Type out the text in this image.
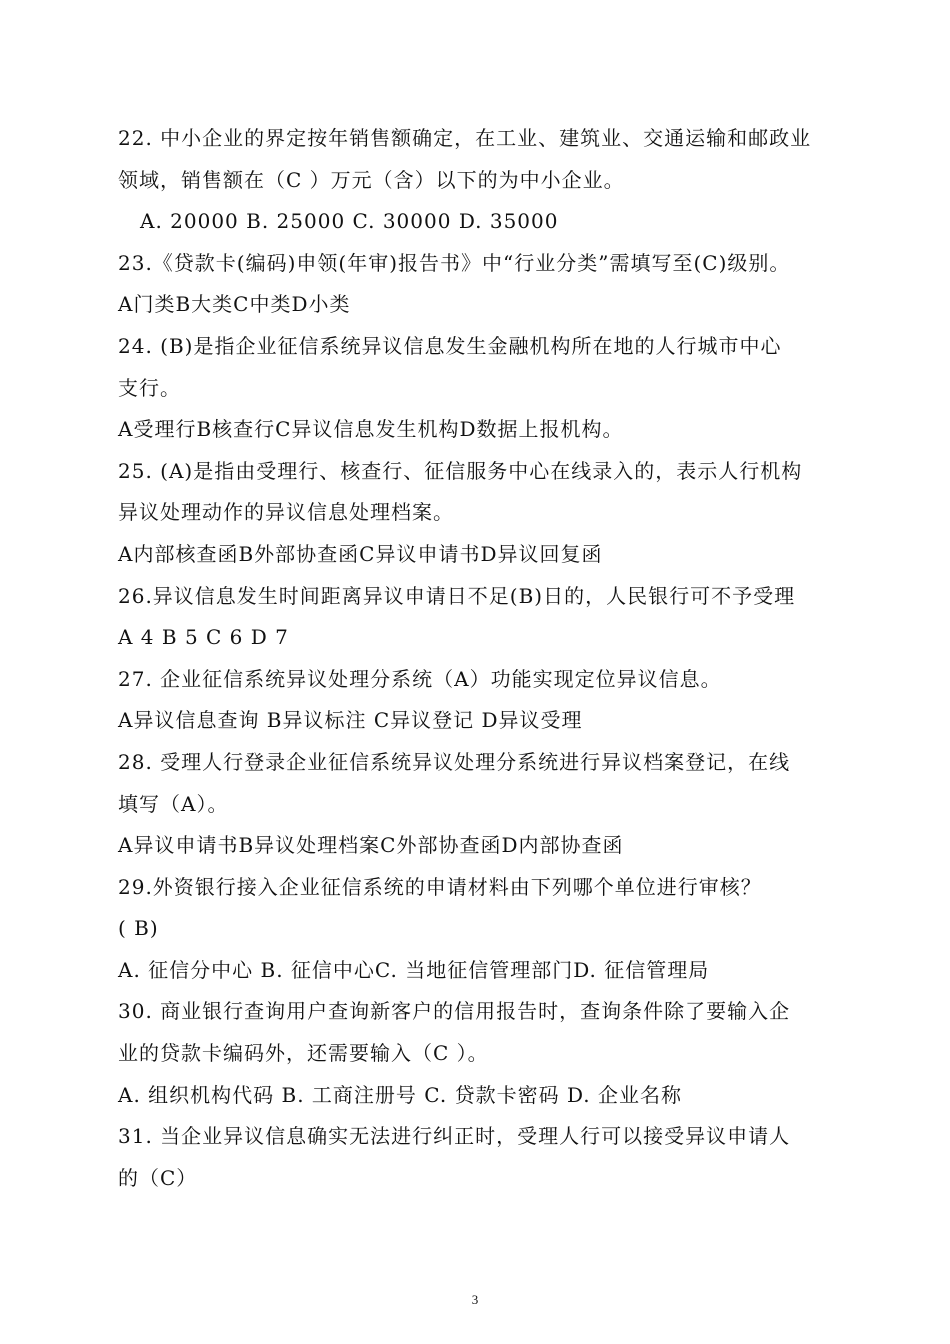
22. 中小企业的界定按年销售额确定，在工业、建筑业、交通运输和邮政业
领域，销售额在（C ）万元（含）以下的为中小企业。
A. 20000 B. 25000 C. 30000 D. 35000
23.《贷款卡(编码)申领(年审)报告书》中“行业分类”需填写至(C)级别。
A门类B大类C中类D小类
24. (B)是指企业征信系统异议信息发生金融机构所在地的人行城市中心
支行。
A受理行B核查行C异议信息发生机构D数据上报机构。
25. (A)是指由受理行、核查行、征信服务中心在线录入的，表示人行机构
异议处理动作的异议信息处理档案。
A内部核查函B外部协查函C异议申请书D异议回复函
26.异议信息发生时间距离异议申请日不足(B)日的，人民银行可不予受理
A 4 B 5 C 6 D 7
27. 企业征信系统异议处理分系统（A）功能实现定位异议信息。
A异议信息查询 B异议标注 C异议登记 D异议受理
28. 受理人行登录企业征信系统异议处理分系统进行异议档案登记，在线
填写（A）。
A异议申请书B异议处理档案C外部协查函D内部协查函
29.外资银行接入企业征信系统的申请材料由下列哪个单位进行审核？
( B)
A. 征信分中心 B. 征信中心C. 当地征信管理部门D. 征信管理局
30. 商业银行查询用户查询新客户的信用报告时，查询条件除了要输入企
业的贷款卡编码外，还需要输入（C ）。
A. 组织机构代码 B. 工商注册号 C. 贷款卡密码 D. 企业名称
31. 当企业异议信息确实无法进行纠正时，受理人行可以接受异议申请人
的（C）
3
